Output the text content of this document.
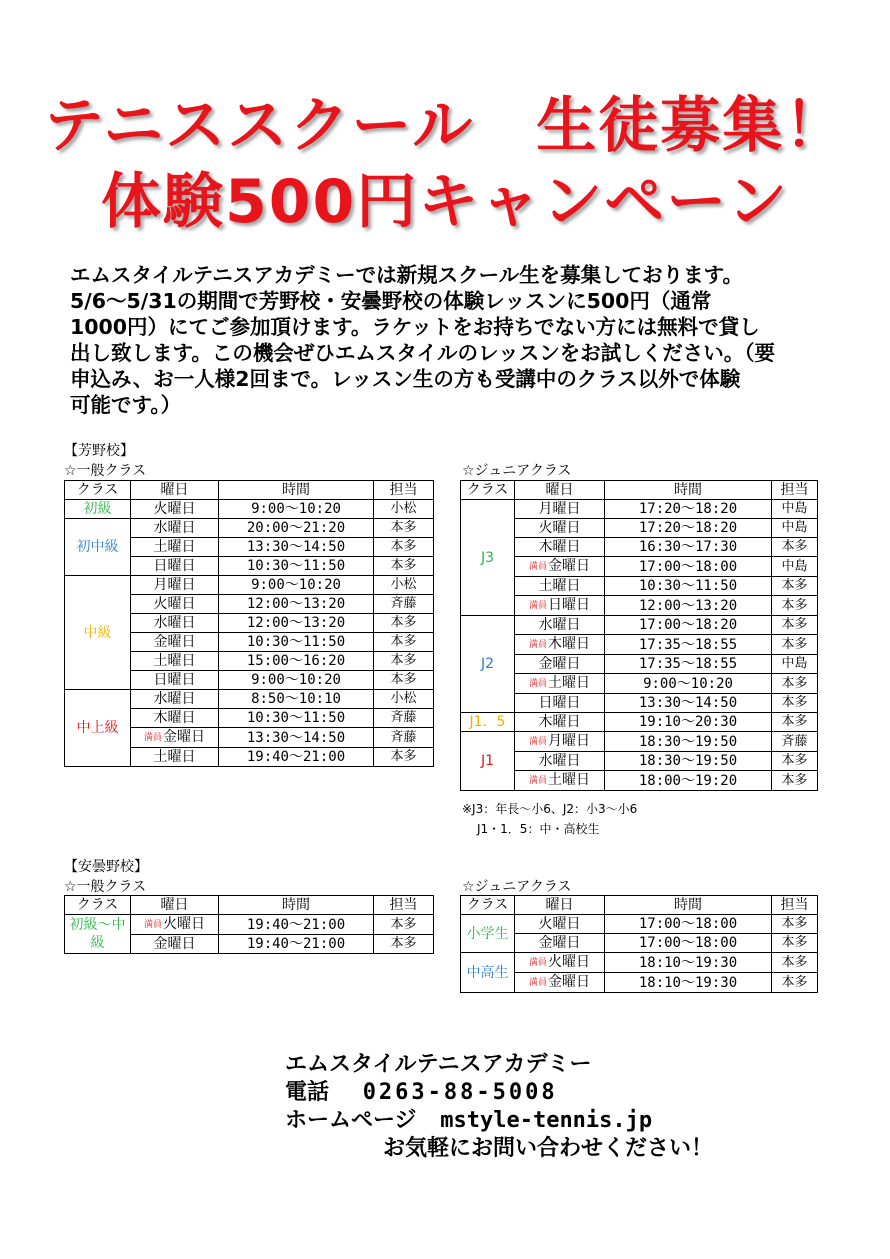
テニススクール　生徒募集！
体験500円キャンペーン

エムスタイルテニスアカデミーでは新規スクール生を募集しております。

5/6～5/31の期間で芳野校・安曇野校の体験レッスンに500円（通常

1000円）にてご参加頂けます。ラケットをお持ちでない方には無料で貸し

出し致します。この機会ぜひエムスタイルのレッスンをお試しください。（要

申込み、お一人様2回まで。レッスン生の方も受講中のクラス以外で体験

可能です。）

【芳野校】
☆一般クラス	☆ジュニアクラス
クラス	曜日	時間	担当
初級	火曜日	9:00～10:20	小松
初中級	水曜日	20:00～21:20	本多
	土曜日	13:30～14:50	本多
	日曜日	10:30～11:50	本多
中級	月曜日	9:00～10:20	小松
	火曜日	12:00～13:20	斉藤
	水曜日	12:00～13:20	本多
	金曜日	10:30～11:50	本多
	土曜日	15:00～16:20	本多
	日曜日	9:00～10:20	本多
中上級	水曜日	8:50～10:10	小松
	木曜日	10:30～11:50	斉藤
	満員金曜日	13:30～14:50	斉藤
	土曜日	19:40～21:00	本多
クラス	曜日	時間	担当
J3	月曜日	17:20～18:20	中島
	火曜日	17:20～18:20	中島
	木曜日	16:30～17:30	本多
	満員金曜日	17:00～18:00	中島
	土曜日	10:30～11:50	本多
	満員日曜日	12:00～13:20	本多
J2	水曜日	17:00～18:20	本多
	満員木曜日	17:35～18:55	本多
	金曜日	17:35～18:55	中島
	満員土曜日	9:00～10:20	本多
	日曜日	13:30～14:50	本多
J1．5	木曜日	19:10～20:30	本多
J1	満員月曜日	18:30～19:50	斉藤
	水曜日	18:30～19:50	本多
	満員土曜日	18:00～19:20	本多
※J3：年長～小6、J2：小3～小6
J1・1．5：中・高校生
【安曇野校】
☆一般クラス	☆ジュニアクラス
クラス	曜日	時間	担当
初級～中級	満員火曜日	19:40～21:00	本多
	金曜日	19:40～21:00	本多
クラス	曜日	時間	担当
小学生	火曜日	17:00～18:00	本多
	金曜日	17:00～18:00	本多
中高生	満員火曜日	18:10～19:30	本多
	満員金曜日	18:10～19:30	本多
エムスタイルテニスアカデミー
電話 0263-88-5008
ホームページ mstyle-tennis.jp
お気軽にお問い合わせください！
